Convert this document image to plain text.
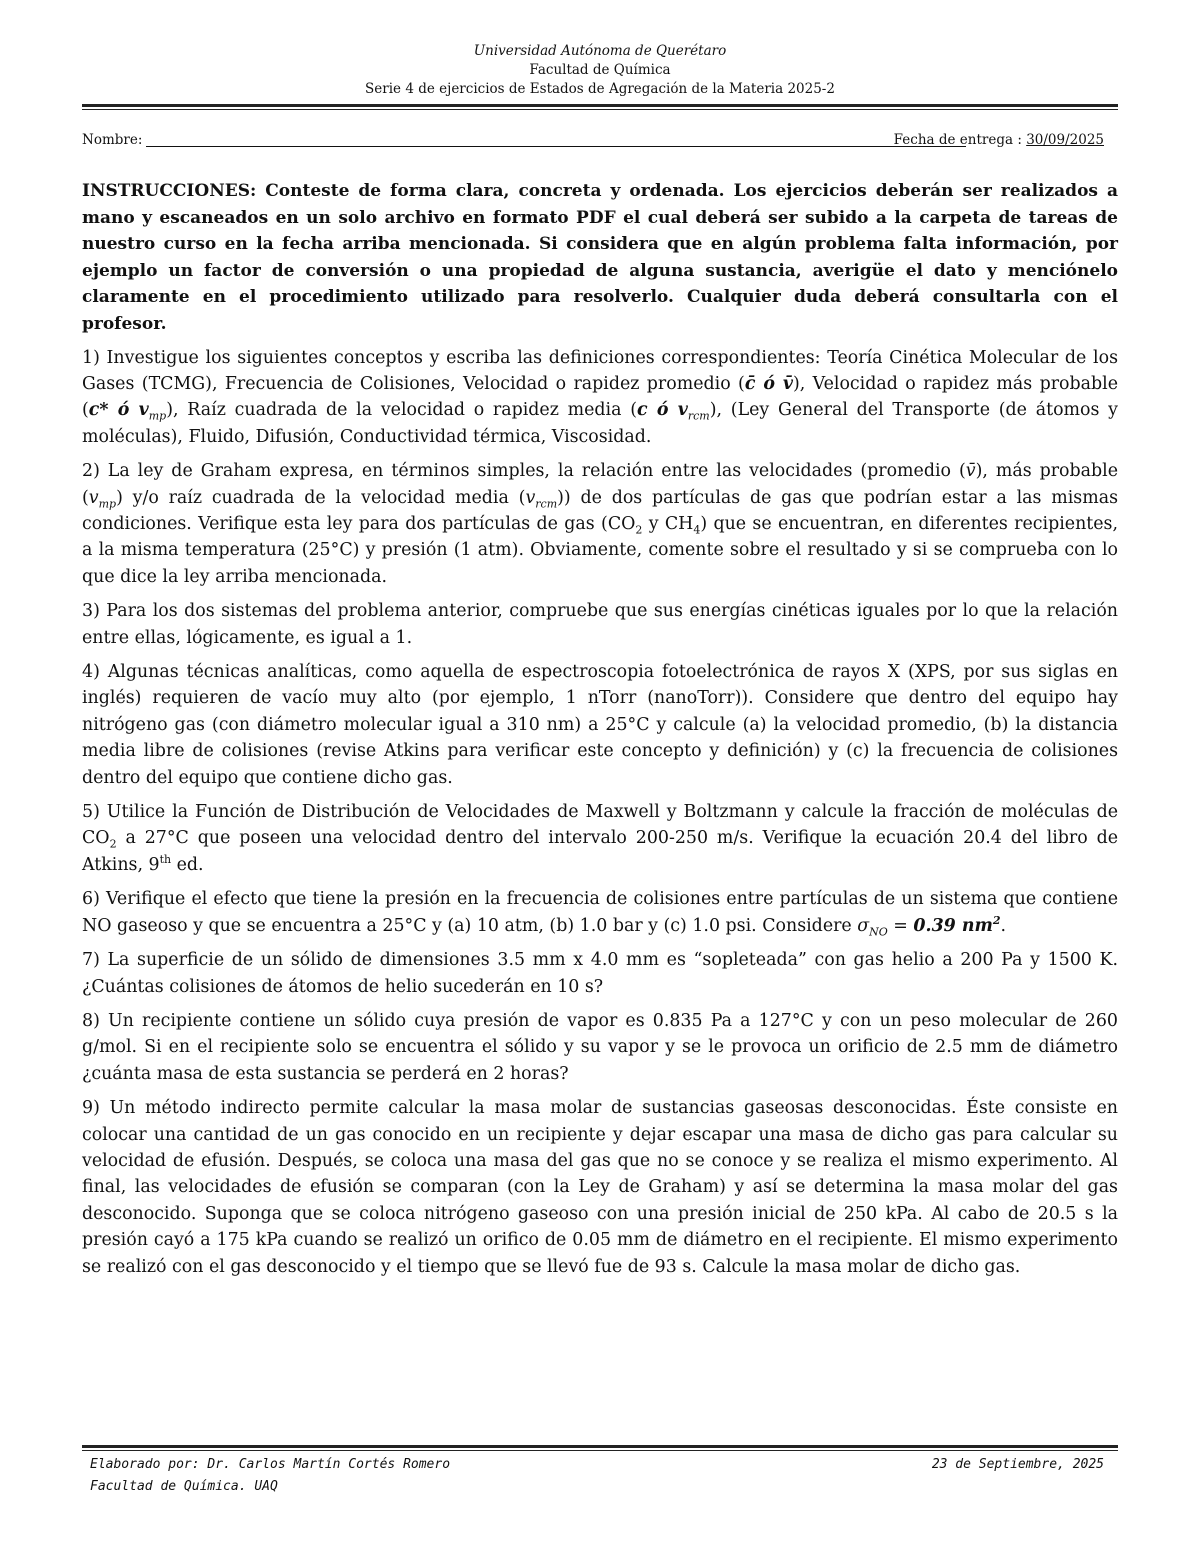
Universidad Autónoma de Querétaro
Facultad de Química
Serie 4 de ejercicios de Estados de Agregación de la Materia 2025-2
Nombre:	Fecha de entrega : 30/09/2025

INSTRUCCIONES: Conteste de forma clara, concreta y ordenada. Los ejercicios deberán ser realizados a mano y escaneados en un solo archivo en formato PDF el cual deberá ser subido a la carpeta de tareas de nuestro curso en la fecha arriba mencionada. Si considera que en algún problema falta información, por ejemplo un factor de conversión o una propiedad de alguna sustancia, averigüe el dato y menciónelo claramente en el procedimiento utilizado para resolverlo. Cualquier duda deberá consultarla con el profesor.

1) Investigue los siguientes conceptos y escriba las definiciones correspondientes: Teoría Cinética Molecular de los Gases (TCMG), Frecuencia de Colisiones, Velocidad o rapidez promedio (c̄ ó v̄), Velocidad o rapidez más probable (c* ó $v_{mp}$), Raíz cuadrada de la velocidad o rapidez media (c ó $v_{rcm}$), (Ley General del Transporte (de átomos y moléculas), Fluido, Difusión, Conductividad térmica, Viscosidad.

2) La ley de Graham expresa, en términos simples, la relación entre las velocidades (promedio (v̄), más probable $(v_{mp})$ y/o raíz cuadrada de la velocidad media $(v_{rcm})$) de dos partículas de gas que podrían estar a las mismas condiciones. Verifique esta ley para dos partículas de gas ($CO_2$ y $CH_4$) que se encuentran, en diferentes recipientes, a la misma temperatura (25°C) y presión (1 atm). Obviamente, comente sobre el resultado y si se comprueba con lo que dice la ley arriba mencionada.

3) Para los dos sistemas del problema anterior, compruebe que sus energías cinéticas iguales por lo que la relación entre ellas, lógicamente, es igual a 1.

4) Algunas técnicas analíticas, como aquella de espectroscopia fotoelectrónica de rayos X (XPS, por sus siglas en inglés) requieren de vacío muy alto (por ejemplo, 1 nTorr (nanoTorr)). Considere que dentro del equipo hay nitrógeno gas (con diámetro molecular igual a 310 nm) a 25°C y calcule (a) la velocidad promedio, (b) la distancia media libre de colisiones (revise Atkins para verificar este concepto y definición) y (c) la frecuencia de colisiones dentro del equipo que contiene dicho gas.

5) Utilice la Función de Distribución de Velocidades de Maxwell y Boltzmann y calcule la fracción de moléculas de $CO_2$ a 27°C que poseen una velocidad dentro del intervalo 200-250 m/s. Verifique la ecuación 20.4 del libro de Atkins, 9th ed.

6) Verifique el efecto que tiene la presión en la frecuencia de colisiones entre partículas de un sistema que contiene NO gaseoso y que se encuentra a 25°C y (a) 10 atm, (b) 1.0 bar y (c) 1.0 psi. Considere $\sigma_{NO} = 0.39$ $nm^2$.

7) La superficie de un sólido de dimensiones 3.5 mm x 4.0 mm es “sopleteada” con gas helio a 200 Pa y 1500 K. ¿Cuántas colisiones de átomos de helio sucederán en 10 s?

8) Un recipiente contiene un sólido cuya presión de vapor es 0.835 Pa a 127°C y con un peso molecular de 260 g/mol. Si en el recipiente solo se encuentra el sólido y su vapor y se le provoca un orificio de 2.5 mm de diámetro ¿cuánta masa de esta sustancia se perderá en 2 horas?

9) Un método indirecto permite calcular la masa molar de sustancias gaseosas desconocidas. Éste consiste en colocar una cantidad de un gas conocido en un recipiente y dejar escapar una masa de dicho gas para calcular su velocidad de efusión. Después, se coloca una masa del gas que no se conoce y se realiza el mismo experimento. Al final, las velocidades de efusión se comparan (con la Ley de Graham) y así se determina la masa molar del gas desconocido. Suponga que se coloca nitrógeno gaseoso con una presión inicial de 250 kPa. Al cabo de 20.5 s la presión cayó a 175 kPa cuando se realizó un orifico de 0.05 mm de diámetro en el recipiente. El mismo experimento se realizó con el gas desconocido y el tiempo que se llevó fue de 93 s. Calcule la masa molar de dicho gas.

Elaborado por: Dr. Carlos Martín Cortés Romero
Facultad de Química. UAQ
23 de Septiembre, 2025
